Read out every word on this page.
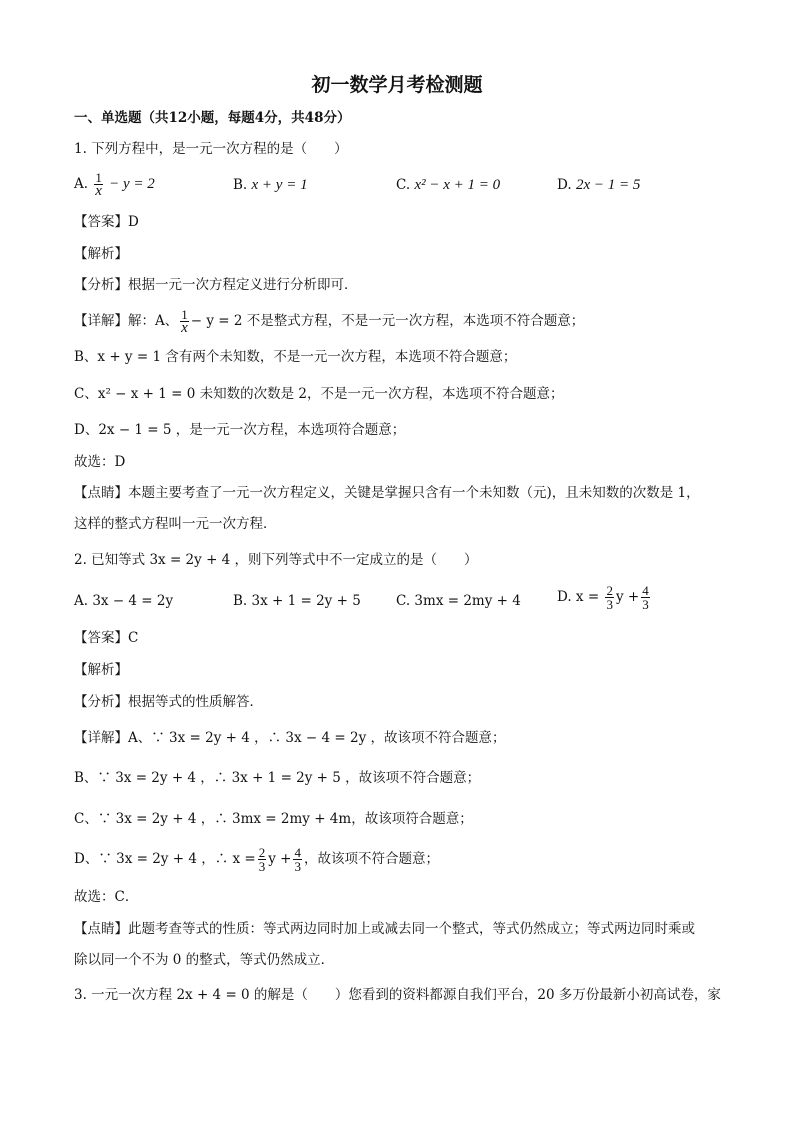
初一数学月考检测题
一、单选题（共12小题，每题4分，共48分）
1. 下列方程中，是一元一次方程的是（　　）
A. $\frac{1}{x} - y = 2$	B. x + y = 1	C. x² − x + 1 = 0	D. 2x − 1 = 5
【答案】D
【解析】
【分析】根据一元一次方程定义进行分析即可．
【详解】解：A、 $\frac{1}{x} - y = 2$ 不是整式方程，不是一元一次方程，本选项不符合题意；
B、x + y = 1 含有两个未知数，不是一元一次方程，本选项不符合题意；
C、x² − x + 1 = 0 未知数的次数是 2，不是一元一次方程，本选项不符合题意；
D、2x − 1 = 5 ，是一元一次方程，本选项符合题意；
故选：D
【点睛】本题主要考查了一元一次方程定义，关键是掌握只含有一个未知数（元)，且未知数的次数是 1，
这样的整式方程叫一元一次方程．
2. 已知等式 3x = 2y + 4 ，则下列等式中不一定成立的是（　　）
A. 3x − 4 = 2y	B. 3x + 1 = 2y + 5	C. 3mx = 2my + 4	D. $x = \frac{2}{3}$ $y + \frac{4}{3}$
【答案】C
【解析】
【分析】根据等式的性质解答．
【详解】A、∵ 3x = 2y + 4 ，∴ 3x − 4 = 2y ，故该项不符合题意；
B、∵ 3x = 2y + 4 ，∴ 3x + 1 = 2y + 5 ，故该项不符合题意；
C、∵ 3x = 2y + 4 ，∴ 3mx = 2my + 4m，故该项符合题意；
D、∵ 3x = 2y + 4 ，∴ $x = \frac{2}{3}$ $y + \frac{4}{3}$ ，故该项不符合题意；
故选：C．
【点睛】此题考查等式的性质：等式两边同时加上或减去同一个整式，等式仍然成立；等式两边同时乘或
除以同一个不为 0 的整式，等式仍然成立．
3. 一元一次方程 2x + 4 = 0 的解是（　　）您看到的资料都源自我们平台，20 多万份最新小初高试卷，家
